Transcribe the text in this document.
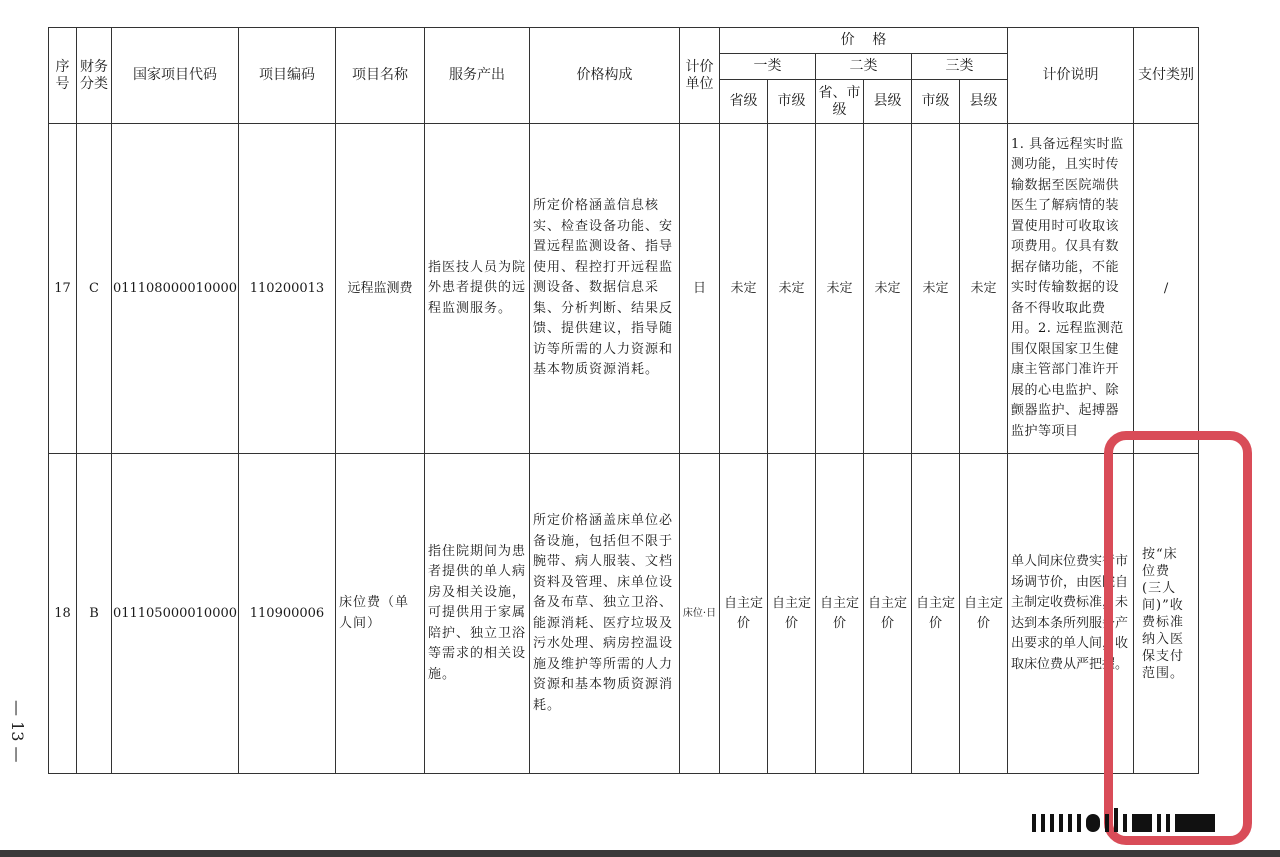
序号	财务分类	国家项目代码	项目编码	项目名称	服务产出	价格构成	计价单位	价    格						计价说明	支付类别
								一类		二类		三类			
								省级	市级	省、市级	县级	市级	县级		
17	C	011108000010000	110200013	远程监测费	指医技人员为院外患者提供的远程监测服务。	所定价格涵盖信息核实、检查设备功能、安置远程监测设备、指导使用、程控打开远程监测设备、数据信息采集、分析判断、结果反馈、提供建议，指导随访等所需的人力资源和基本物质资源消耗。	日	未定	未定	未定	未定	未定	未定	1. 具备远程实时监测功能，且实时传输数据至医院端供医生了解病情的装置使用时可收取该项费用。仅具有数据存储功能，不能实时传输数据的设备不得收取此费用。2. 远程监测范围仅限国家卫生健康主管部门准许开展的心电监护、除颤器监护、起搏器监护等项目	/
18	B	011105000010000	110900006	床位费（单人间）	指住院期间为患者提供的单人病房及相关设施，可提供用于家属陪护、独立卫浴等需求的相关设施。	所定价格涵盖床单位必备设施，包括但不限于腕带、病人服装、文档资料及管理、床单位设备及布草、独立卫浴、能源消耗、医疗垃圾及污水处理、病房控温设施及维护等所需的人力资源和基本物质资源消耗。	床位·日	自主定价	自主定价	自主定价	自主定价	自主定价	自主定价	单人间床位费实行市场调节价，由医院自主制定收费标准，未达到本条所列服务产出要求的单人间，收取床位费从严把握。	按“床位费(三人间)”收费标准纳入医保支付范围。
— 13 —
